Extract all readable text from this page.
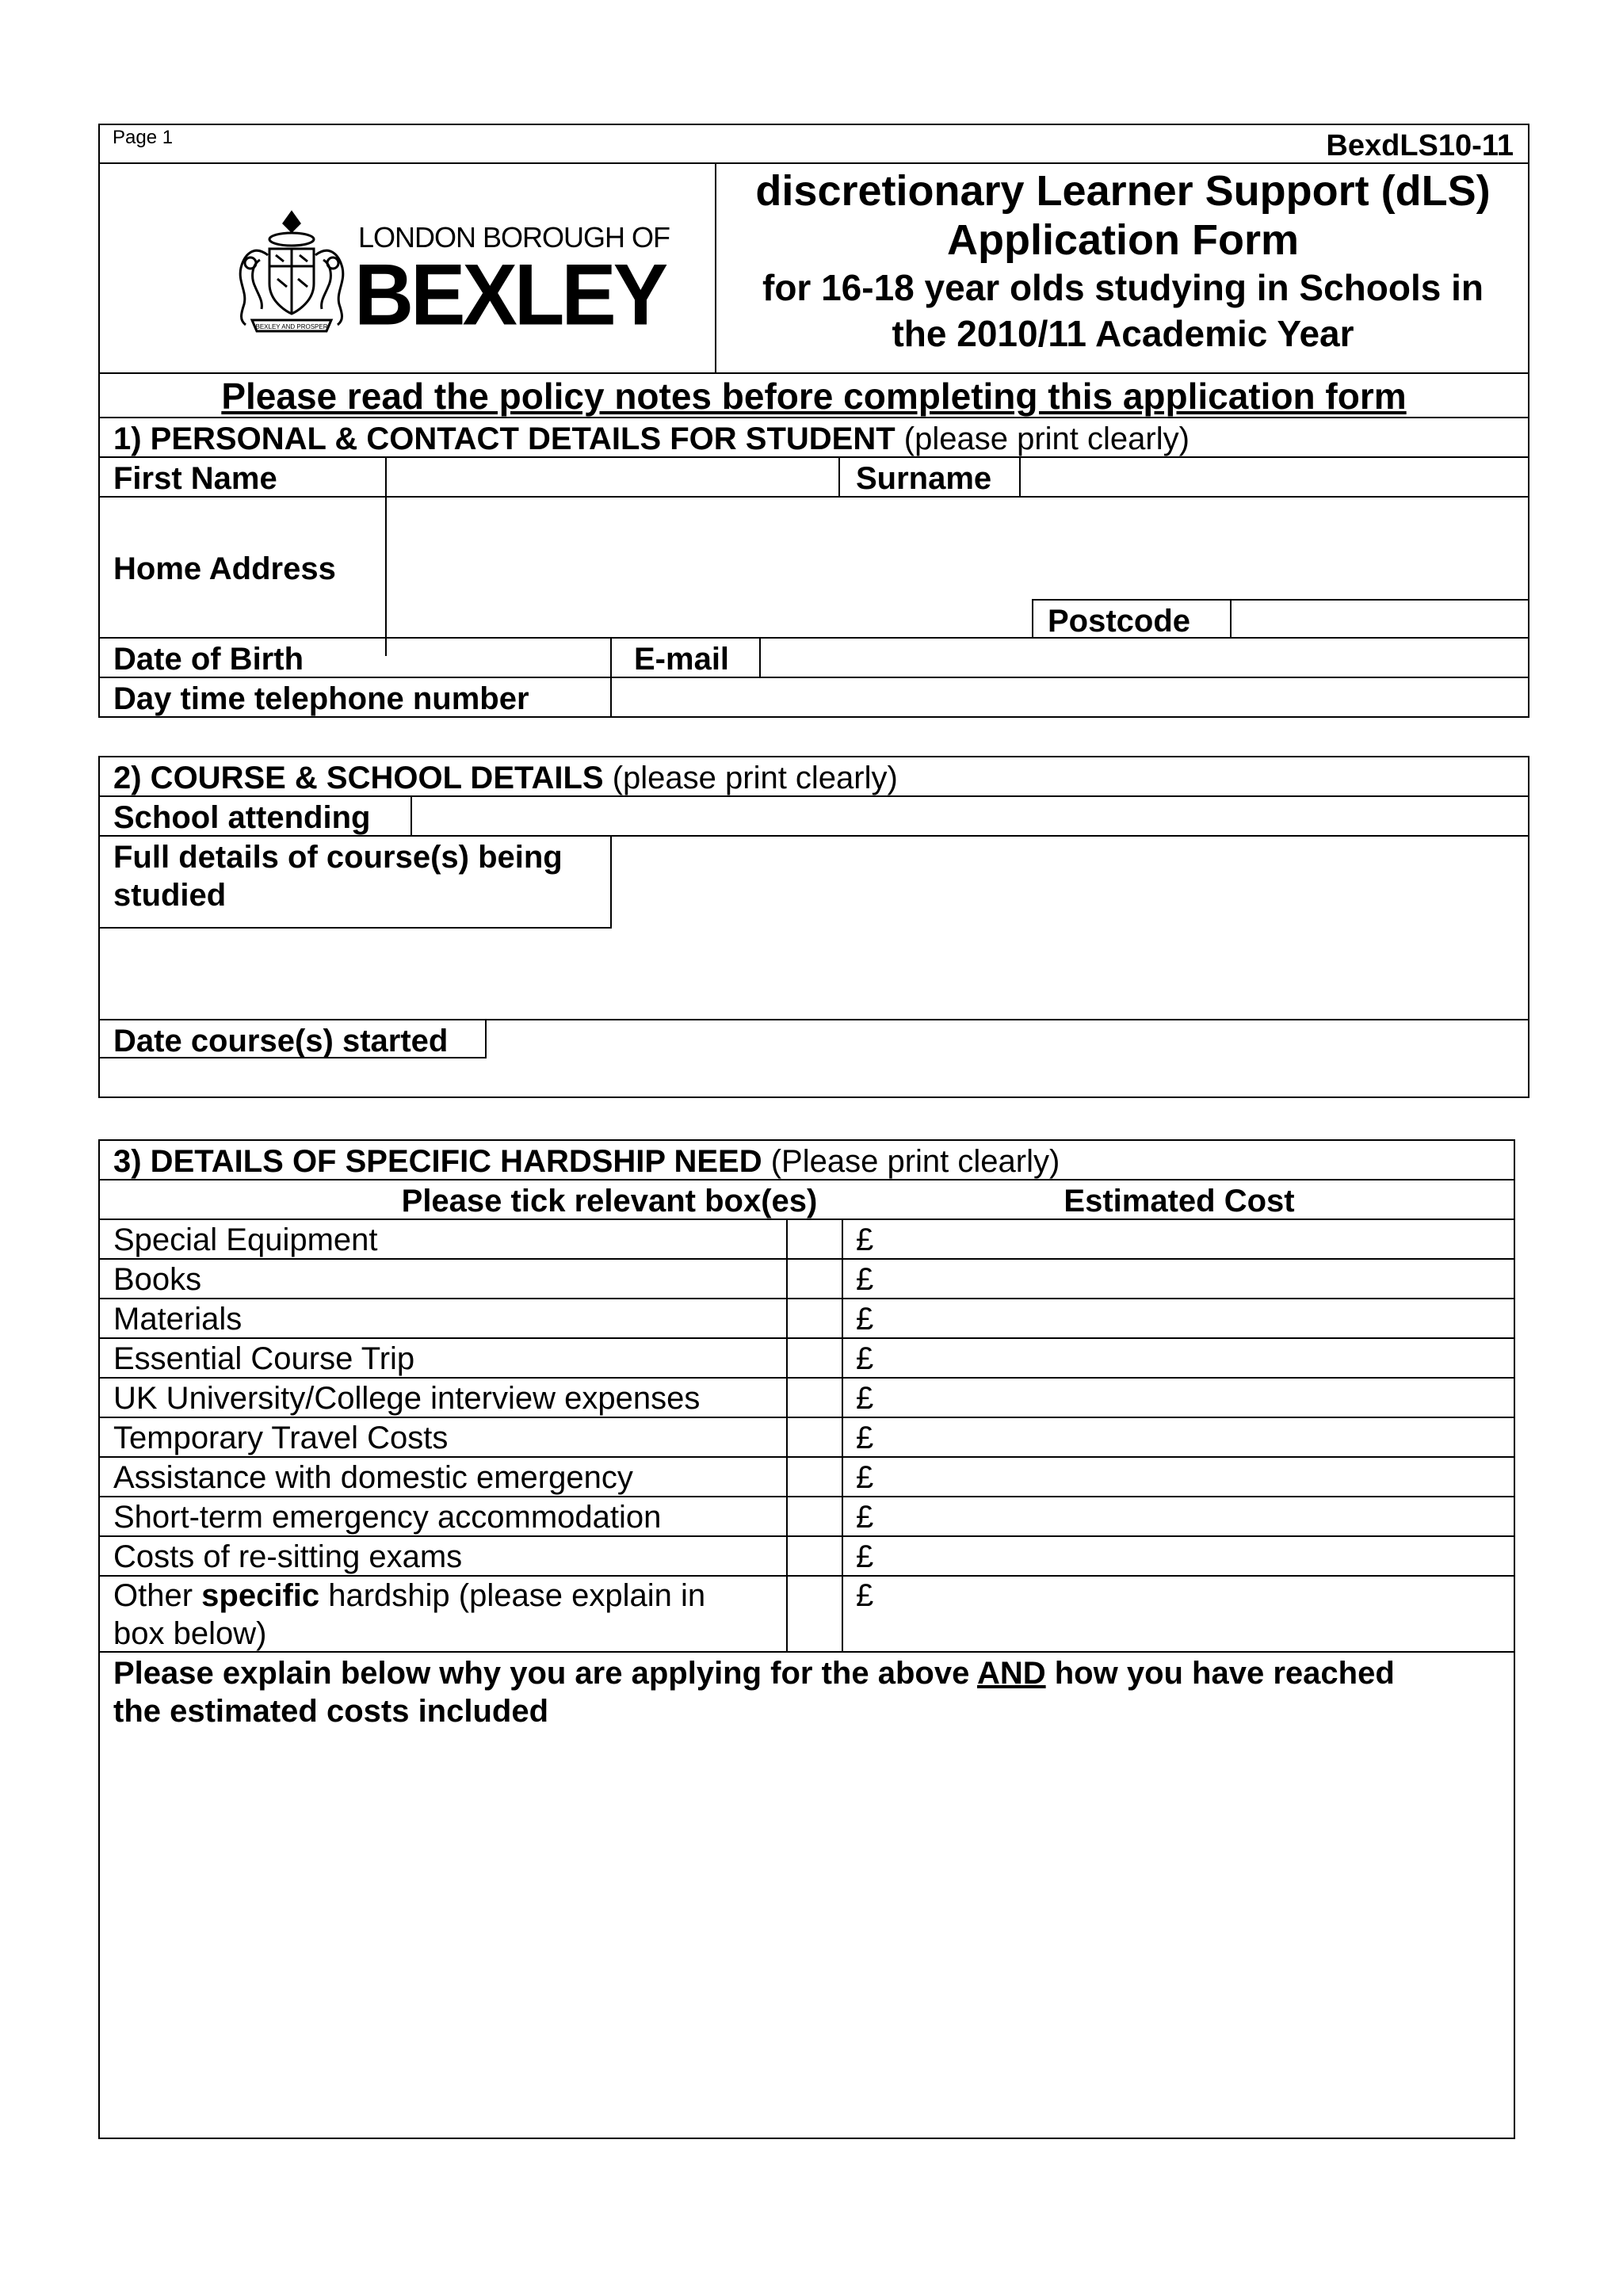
Page 1	BexdLS10-11
BEXLEY AND PROSPER
LONDON BOROUGH OF
BEXLEY
discretionary Learner Support (dLS)
Application Form
for 16-18 year olds studying in Schools in
the 2010/11 Academic Year
Please read the policy notes before completing this application form
1) PERSONAL & CONTACT DETAILS FOR STUDENT (please print clearly)
First Name	Surname
Home Address
Postcode
Date of Birth	E-mail
Day time telephone number
2) COURSE & SCHOOL DETAILS (please print clearly)
School attending
Full details of course(s) being
studied
Date course(s) started
3) DETAILS OF SPECIFIC HARDSHIP NEED (Please print clearly)
Please tick relevant box(es)	Estimated Cost
Special Equipment	£
Books	£
Materials	£
Essential Course Trip	£
UK University/College interview expenses	£
Temporary Travel Costs	£
Assistance with domestic emergency	£
Short-term emergency accommodation	£
Costs of re-sitting exams	£
Other specific hardship (please explain in
box below)
£
Please explain below why you are applying for the above AND how you have reached
the estimated costs included
